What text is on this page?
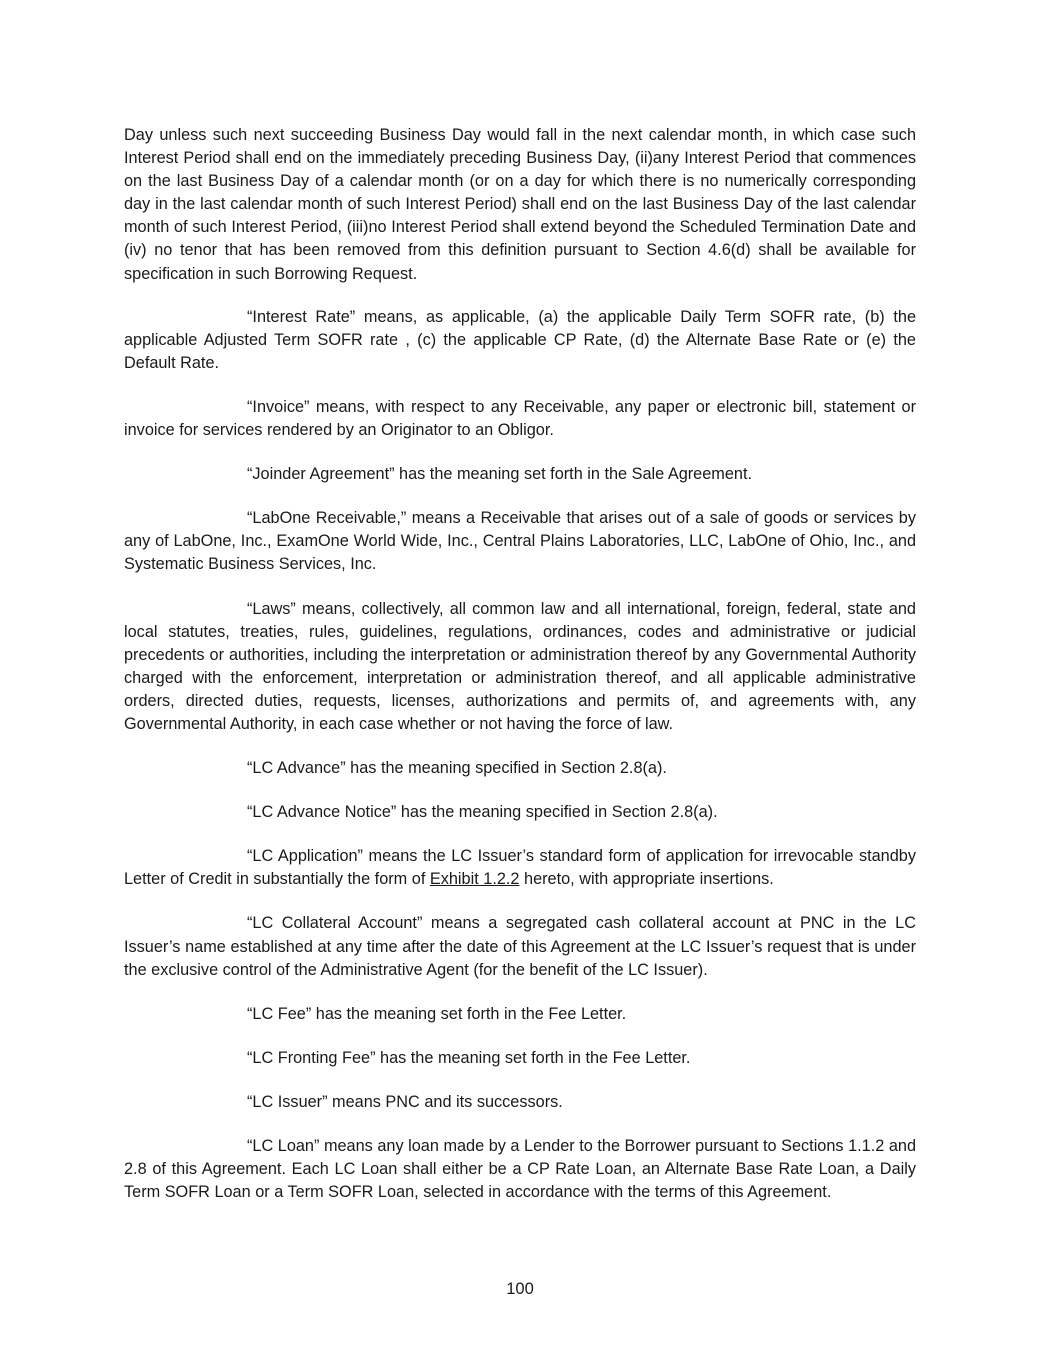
Day unless such next succeeding Business Day would fall in the next calendar month, in which case such Interest Period shall end on the immediately preceding Business Day, (ii)any Interest Period that commences on the last Business Day of a calendar month (or on a day for which there is no numerically corresponding day in the last calendar month of such Interest Period) shall end on the last Business Day of the last calendar month of such Interest Period, (iii)no Interest Period shall extend beyond the Scheduled Termination Date and (iv) no tenor that has been removed from this definition pursuant to Section 4.6(d) shall be available for specification in such Borrowing Request.

“Interest Rate” means, as applicable, (a) the applicable Daily Term SOFR rate, (b) the applicable Adjusted Term SOFR rate , (c) the applicable CP Rate, (d) the Alternate Base Rate or (e) the Default Rate.

“Invoice” means, with respect to any Receivable, any paper or electronic bill, statement or invoice for services rendered by an Originator to an Obligor.

“Joinder Agreement” has the meaning set forth in the Sale Agreement.

“LabOne Receivable,” means a Receivable that arises out of a sale of goods or services by any of LabOne, Inc., ExamOne World Wide, Inc., Central Plains Laboratories, LLC, LabOne of Ohio, Inc., and Systematic Business Services, Inc.

“Laws” means, collectively, all common law and all international, foreign, federal, state and local statutes, treaties, rules, guidelines, regulations, ordinances, codes and administrative or judicial precedents or authorities, including the interpretation or administration thereof by any Governmental Authority charged with the enforcement, interpretation or administration thereof, and all applicable administrative orders, directed duties, requests, licenses, authorizations and permits of, and agreements with, any Governmental Authority, in each case whether or not having the force of law.

“LC Advance” has the meaning specified in Section 2.8(a).

“LC Advance Notice” has the meaning specified in Section 2.8(a).

“LC Application” means the LC Issuer’s standard form of application for irrevocable standby Letter of Credit in substantially the form of Exhibit 1.2.2 hereto, with appropriate insertions.

“LC Collateral Account” means a segregated cash collateral account at PNC in the LC Issuer’s name established at any time after the date of this Agreement at the LC Issuer’s request that is under the exclusive control of the Administrative Agent (for the benefit of the LC Issuer).

“LC Fee” has the meaning set forth in the Fee Letter.

“LC Fronting Fee” has the meaning set forth in the Fee Letter.

“LC Issuer” means PNC and its successors.

“LC Loan” means any loan made by a Lender to the Borrower pursuant to Sections 1.1.2 and 2.8 of this Agreement. Each LC Loan shall either be a CP Rate Loan, an Alternate Base Rate Loan, a Daily Term SOFR Loan or a Term SOFR Loan, selected in accordance with the terms of this Agreement.

100
